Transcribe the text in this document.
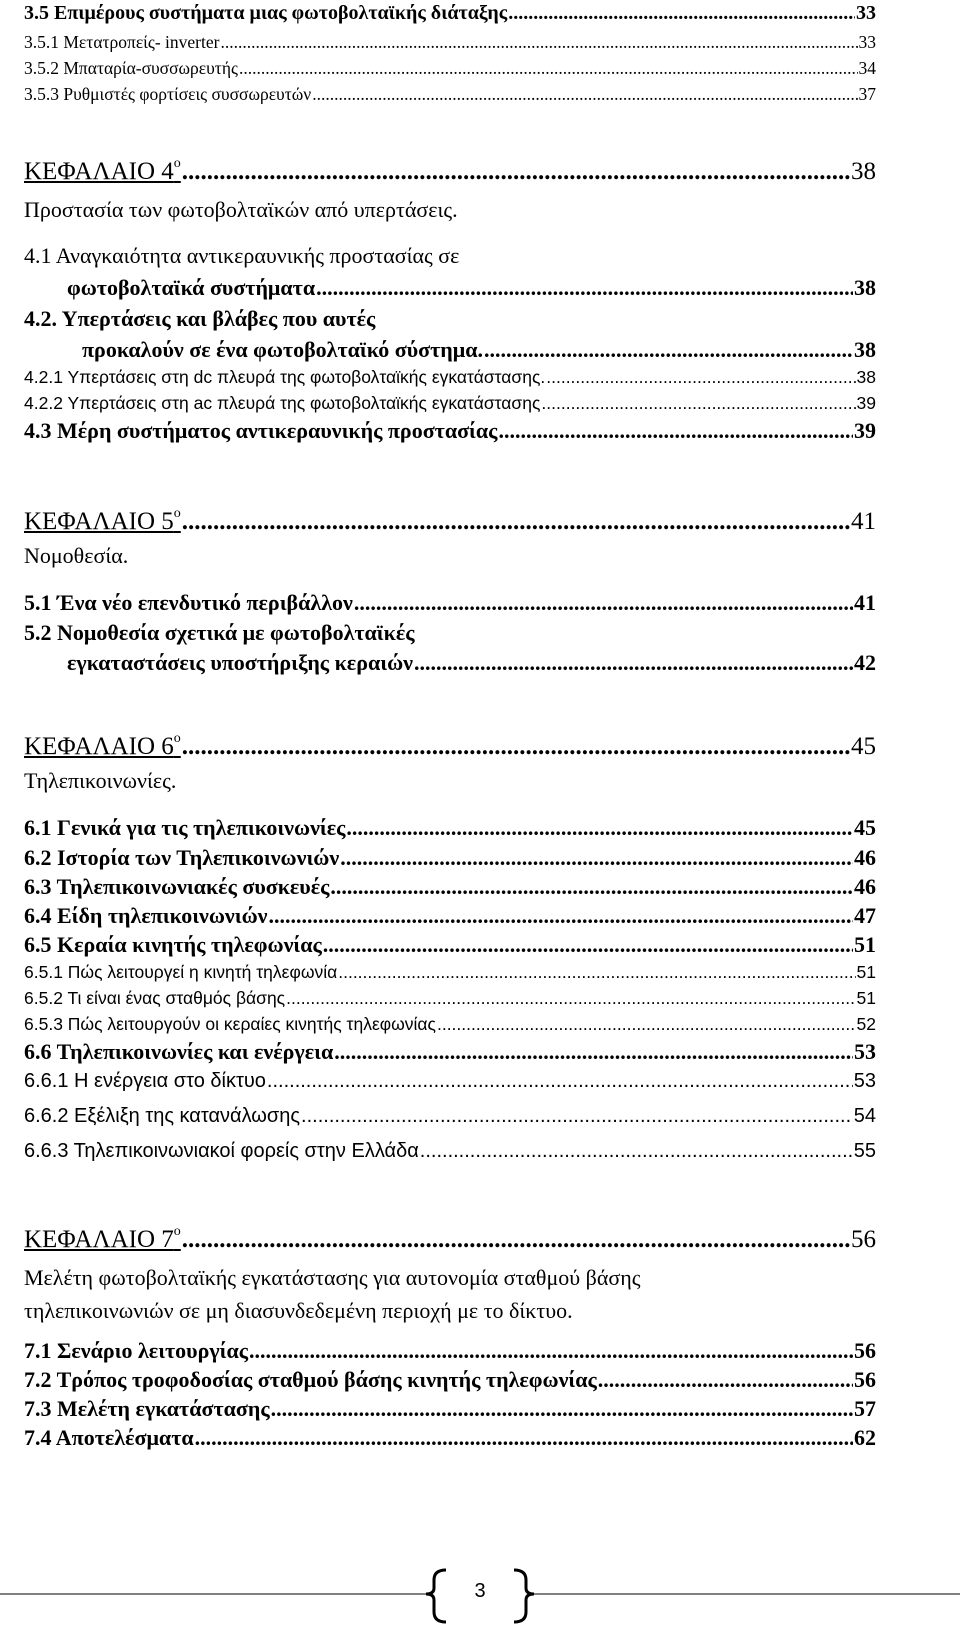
3.5 Επιμέρους συστήματα μιας φωτοβολταϊκής διάταξης .....	33
3.5.1 Μετατροπείς- inverter .....	33
3.5.2 Μπαταρία-συσσωρευτής .....	34
3.5.3 Ρυθμιστές φορτίσεις συσσωρευτών .....	37
ΚΕΦΑΛΑΙΟ $4^o$ .....	38
Προστασία των φωτοβολταϊκών από υπερτάσεις.
4.1 Αναγκαιότητα αντικεραυνικής προστασίας σε
φωτοβολταϊκά συστήματα .....	38
4.2. Υπερτάσεις και βλάβες που αυτές
προκαλούν σε ένα φωτοβολταϊκό σύστημα. .....	38
4.2.1 Υπερτάσεις στη dc πλευρά της φωτοβολταϊκής εγκατάστασης. .....	38
4.2.2 Υπερτάσεις στη ac πλευρά της φωτοβολταϊκής εγκατάστασης .....	39
4.3 Μέρη συστήματος αντικεραυνικής προστασίας .....	39
ΚΕΦΑΛΑΙΟ $5^o$ .....	41
Νομοθεσία.
5.1 Ένα νέο επενδυτικό περιβάλλον .....	41
5.2 Νομοθεσία σχετικά με φωτοβολταϊκές
εγκαταστάσεις υποστήριξης κεραιών .....	42
ΚΕΦΑΛΑΙΟ $6^o$ .....	45
Τηλεπικοινωνίες.
6.1 Γενικά για τις τηλεπικοινωνίες .....	45
6.2 Ιστορία των Τηλεπικοινωνιών .....	46
6.3 Τηλεπικοινωνιακές συσκευές .....	46
6.4 Είδη τηλεπικοινωνιών .....	47
6.5 Κεραία κινητής τηλεφωνίας .....	51
6.5.1 Πώς λειτουργεί η κινητή τηλεφωνία .....	51
6.5.2 Τι είναι ένας σταθμός βάσης .....	51
6.5.3 Πώς λειτουργούν οι κεραίες κινητής τηλεφωνίας .....	52
6.6 Τηλεπικοινωνίες και ενέργεια .....	53
6.6.1 Η ενέργεια στο δίκτυο .....	53
6.6.2 Εξέλιξη της κατανάλωσης .....	54
6.6.3 Τηλεπικοινωνιακοί φορείς στην Ελλάδα .....	55
ΚΕΦΑΛΑΙΟ $7^o$ .....	56
Μελέτη φωτοβολταϊκής εγκατάστασης για αυτονομία σταθμού βάσης τηλεπικοινωνιών σε μη διασυνδεδεμένη περιοχή με το δίκτυο.
7.1 Σενάριο λειτουργίας .....	56
7.2 Τρόπος τροφοδοσίας σταθμού βάσης κινητής τηλεφωνίας .....	56
7.3 Μελέτη εγκατάστασης .....	57
7.4 Αποτελέσματα .....	62
3
